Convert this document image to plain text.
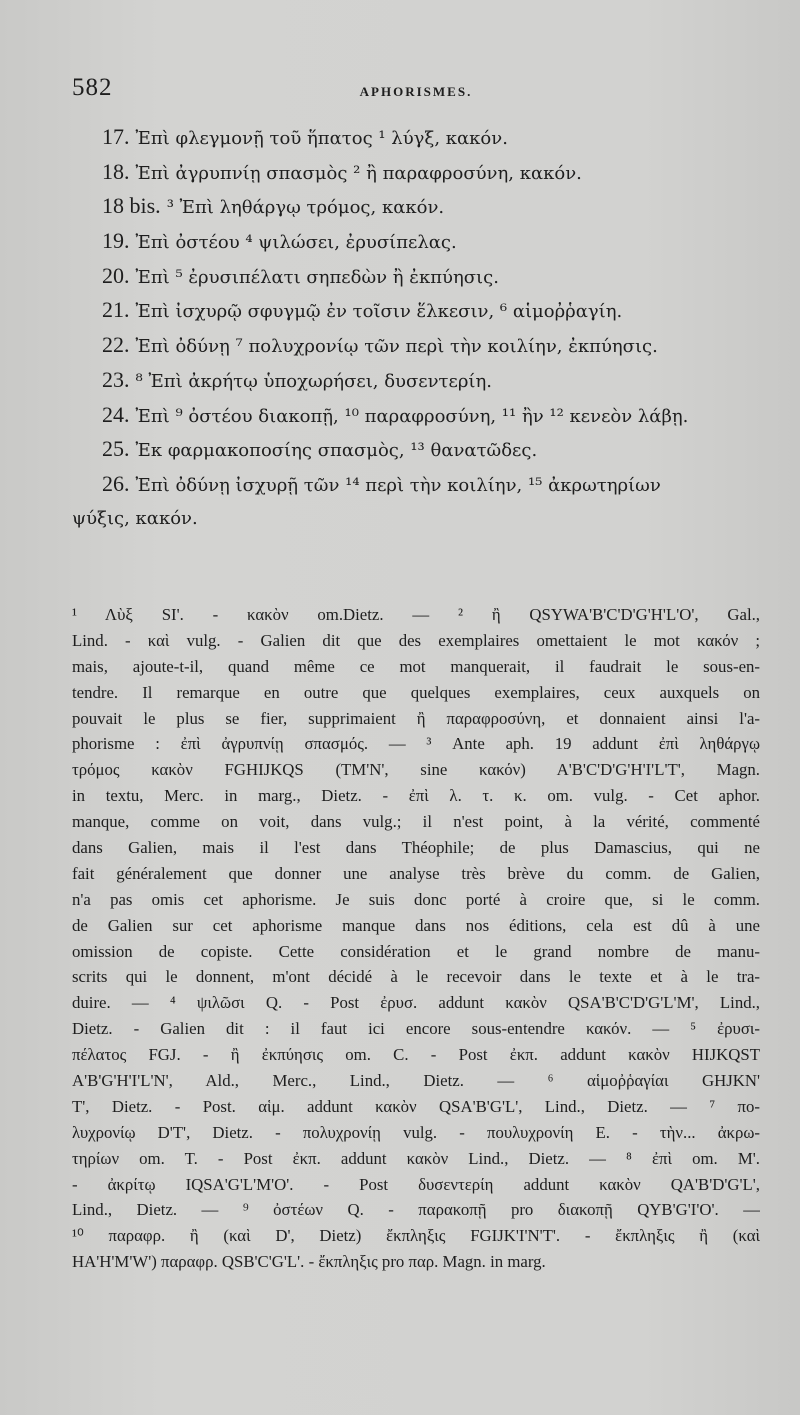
582	APHORISMES.
17. Ἐπὶ φλεγμονῇ τοῦ ἥπατος ¹ λύγξ, κακόν.
18. Ἐπὶ ἀγρυπνίῃ σπασμὸς ² ἢ παραφροσύνη, κακόν.
18 bis. ³ Ἐπὶ ληθάργῳ τρόμος, κακόν.
19. Ἐπὶ ὀστέου ⁴ ψιλώσει, ἐρυσίπελας.
20. Ἐπὶ ⁵ ἐρυσιπέλατι σηπεδὼν ἢ ἐκπύησις.
21. Ἐπὶ ἰσχυρῷ σφυγμῷ ἐν τοῖσιν ἕλκεσιν, ⁶ αἱμοῤῥαγίη.
22. Ἐπὶ ὀδύνῃ ⁷ πολυχρονίῳ τῶν περὶ τὴν κοιλίην, ἐκπύησις.
23. ⁸ Ἐπὶ ἀκρήτῳ ὑποχωρήσει, δυσεντερίη.
24. Ἐπὶ ⁹ ὀστέου διακοπῇ, ¹⁰ παραφροσύνη, ¹¹ ἢν ¹² κενεὸν λάβῃ.
25. Ἐκ φαρμακοποσίης σπασμὸς, ¹³ θανατῶδες.
26. Ἐπὶ ὀδύνῃ ἰσχυρῇ τῶν ¹⁴ περὶ τὴν κοιλίην, ¹⁵ ἀκρωτηρίων
ψύξις, κακόν.
¹ Λὺξ SI'. - κακὸν om.Dietz. — ² ἢ QSYWA'B'C'D'G'H'L'O', Gal.,
Lind. - καὶ vulg. - Galien dit que des exemplaires omettaient le mot κακόν ;
mais, ajoute-t-il, quand même ce mot manquerait, il faudrait le sous-en-
tendre. Il remarque en outre que quelques exemplaires, ceux auxquels on
pouvait le plus se fier, supprimaient ἢ παραφροσύνη, et donnaient ainsi l'a-
phorisme : ἐπὶ ἀγρυπνίῃ σπασμός. — ³ Ante aph. 19 addunt ἐπὶ ληθάργῳ
τρόμος κακὸν FGHIJKQS (TM'N', sine κακόν) A'B'C'D'G'H'I'L'T', Magn.
in textu, Merc. in marg., Dietz. - ἐπὶ λ. τ. κ. om. vulg. - Cet aphor.
manque, comme on voit, dans vulg.; il n'est point, à la vérité, commenté
dans Galien, mais il l'est dans Théophile; de plus Damascius, qui ne
fait généralement que donner une analyse très brève du comm. de Galien,
n'a pas omis cet aphorisme. Je suis donc porté à croire que, si le comm.
de Galien sur cet aphorisme manque dans nos éditions, cela est dû à une
omission de copiste. Cette considération et le grand nombre de manu-
scrits qui le donnent, m'ont décidé à le recevoir dans le texte et à le tra-
duire. — ⁴ ψιλῶσι Q. - Post ἐρυσ. addunt κακὸν QSA'B'C'D'G'L'M', Lind.,
Dietz. - Galien dit : il faut ici encore sous-entendre κακόν. — ⁵ ἐρυσι-
πέλατος FGJ. - ἢ ἐκπύησις om. C. - Post ἐκπ. addunt κακὸν HIJKQST
A'B'G'H'I'L'N', Ald., Merc., Lind., Dietz. — ⁶ αἱμοῤῥαγίαι GHJKN'
T', Dietz. - Post. αἱμ. addunt κακὸν QSA'B'G'L', Lind., Dietz. — ⁷ πο-
λυχρονίῳ D'T', Dietz. - πολυχρονίῃ vulg. - πουλυχρονίη E. - τὴν... ἀκρω-
τηρίων om. T. - Post ἐκπ. addunt κακὸν Lind., Dietz. — ⁸ ἐπὶ om. M'.
- ἀκρίτῳ IQSA'G'L'M'O'. - Post δυσεντερίη addunt κακὸν QA'B'D'G'L',
Lind., Dietz. — ⁹ ὀστέων Q. - παρακοπῇ pro διακοπῇ QYB'G'I'O'. —
¹⁰ παραφρ. ἢ (καὶ D', Dietz) ἔκπληξις FGIJK'I'N'T'. - ἔκπληξις ἢ (καὶ
HA'H'M'W') παραφρ. QSB'C'G'L'. - ἔκπληξις pro παρ. Magn. in marg.
